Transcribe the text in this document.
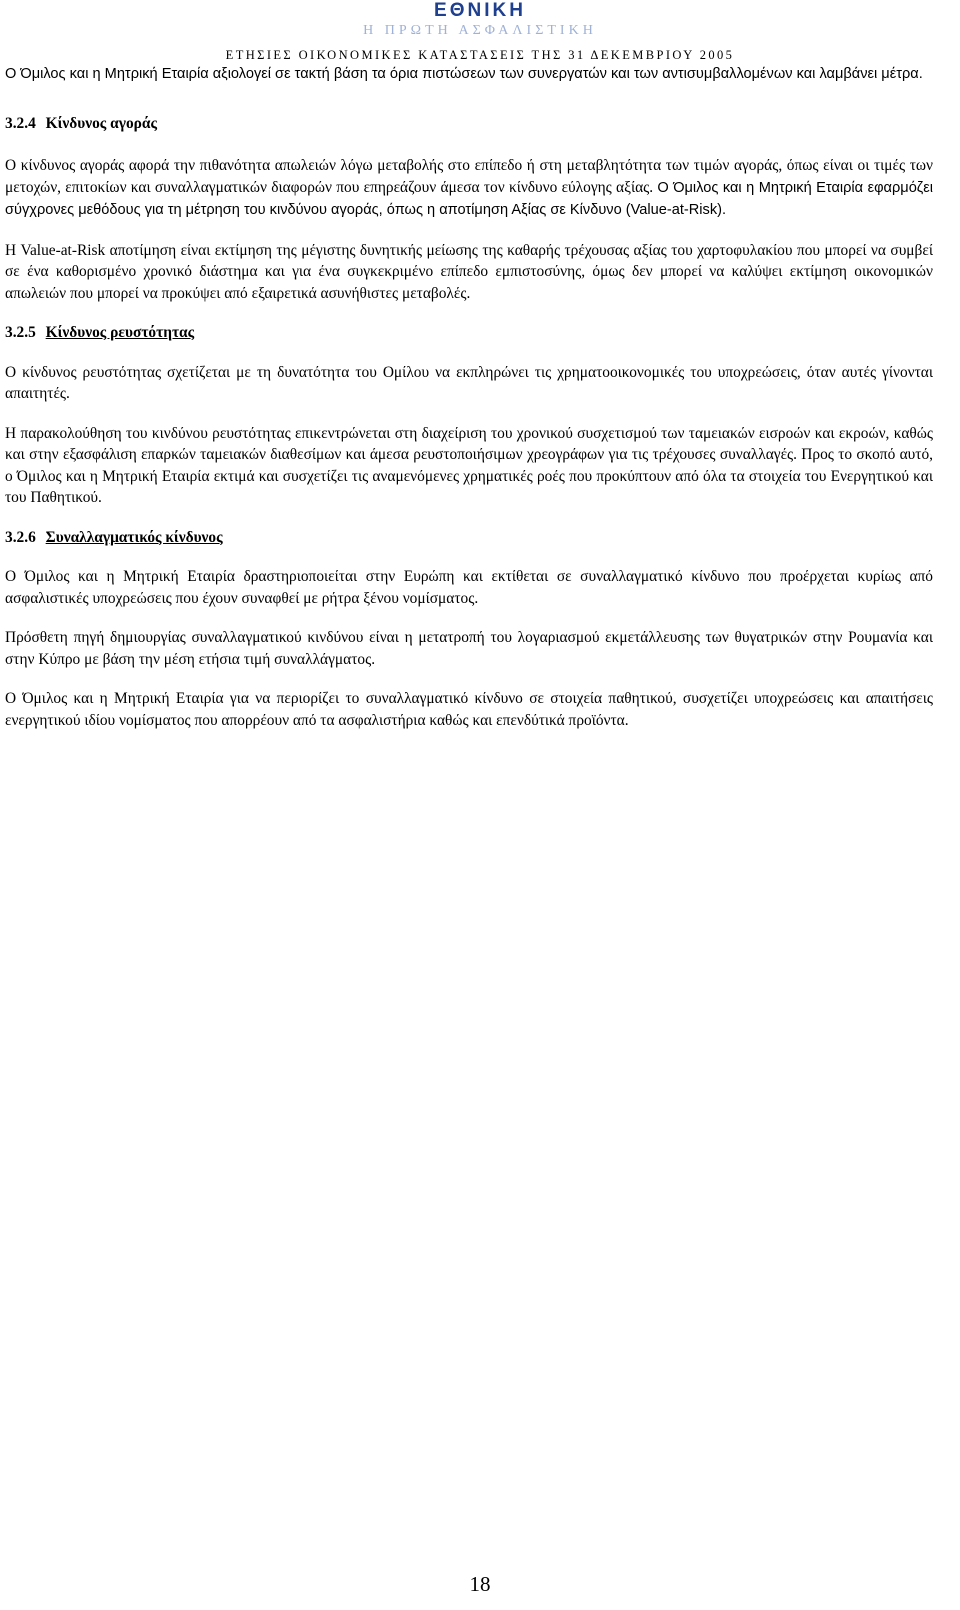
ΕΘΝΙΚΗ
Η ΠΡΩΤΗ ΑΣΦΑΛΙΣΤΙΚΗ
ΕΤΗΣΙΕΣ ΟΙΚΟΝΟΜΙΚΕΣ ΚΑΤΑΣΤΑΣΕΙΣ ΤΗΣ 31 ΔΕΚΕΜΒΡΙΟΥ 2005

Ο Όμιλος και η Μητρική Εταιρία αξιολογεί σε τακτή βάση τα όρια πιστώσεων των συνεργατών και των αντισυμβαλλομένων και λαμβάνει μέτρα.

3.2.4 Κίνδυνος αγοράς

Ο κίνδυνος αγοράς αφορά την πιθανότητα απωλειών λόγω μεταβολής στο επίπεδο ή στη μεταβλητότητα των τιμών αγοράς, όπως είναι οι τιμές των μετοχών, επιτοκίων και συναλλαγματικών διαφορών που επηρεάζουν άμεσα τον κίνδυνο εύλογης αξίας. Ο Όμιλος και η Μητρική Εταιρία εφαρμόζει σύγχρονες μεθόδους για τη μέτρηση του κινδύνου αγοράς, όπως η αποτίμηση Αξίας σε Κίνδυνο (Value-at-Risk).

Η Value-at-Risk αποτίμηση είναι εκτίμηση της μέγιστης δυνητικής μείωσης της καθαρής τρέχουσας αξίας του χαρτοφυλακίου που μπορεί να συμβεί σε ένα καθορισμένο χρονικό διάστημα και για ένα συγκεκριμένο επίπεδο εμπιστοσύνης, όμως δεν μπορεί να καλύψει εκτίμηση οικονομικών απωλειών που μπορεί να προκύψει από εξαιρετικά ασυνήθιστες μεταβολές.

3.2.5 Κίνδυνος ρευστότητας

Ο κίνδυνος ρευστότητας σχετίζεται με τη δυνατότητα του Ομίλου να εκπληρώνει τις χρηματοοικονομικές του υποχρεώσεις, όταν αυτές γίνονται απαιτητές.

Η παρακολούθηση του κινδύνου ρευστότητας επικεντρώνεται στη διαχείριση του χρονικού συσχετισμού των ταμειακών εισροών και εκροών, καθώς και στην εξασφάλιση επαρκών ταμειακών διαθεσίμων και άμεσα ρευστοποιήσιμων χρεογράφων για τις τρέχουσες συναλλαγές. Προς το σκοπό αυτό, ο Όμιλος και η Μητρική Εταιρία εκτιμά και συσχετίζει τις αναμενόμενες χρηματικές ροές που προκύπτουν από όλα τα στοιχεία του Ενεργητικού και του Παθητικού.

3.2.6 Συναλλαγματικός κίνδυνος

Ο Όμιλος και η Μητρική Εταιρία δραστηριοποιείται στην Ευρώπη και εκτίθεται σε συναλλαγματικό κίνδυνο που προέρχεται κυρίως από ασφαλιστικές υποχρεώσεις που έχουν συναφθεί με ρήτρα ξένου νομίσματος.

Πρόσθετη πηγή δημιουργίας συναλλαγματικού κινδύνου είναι η μετατροπή του λογαριασμού εκμετάλλευσης των θυγατρικών στην Ρουμανία και στην Κύπρο με βάση την μέση ετήσια τιμή συναλλάγματος.

Ο Όμιλος και η Μητρική Εταιρία για να περιορίζει το συναλλαγματικό κίνδυνο σε στοιχεία παθητικού, συσχετίζει υποχρεώσεις και απαιτήσεις ενεργητικού ιδίου νομίσματος που απορρέουν από τα ασφαλιστήρια καθώς και επενδύτικά προϊόντα.

18
